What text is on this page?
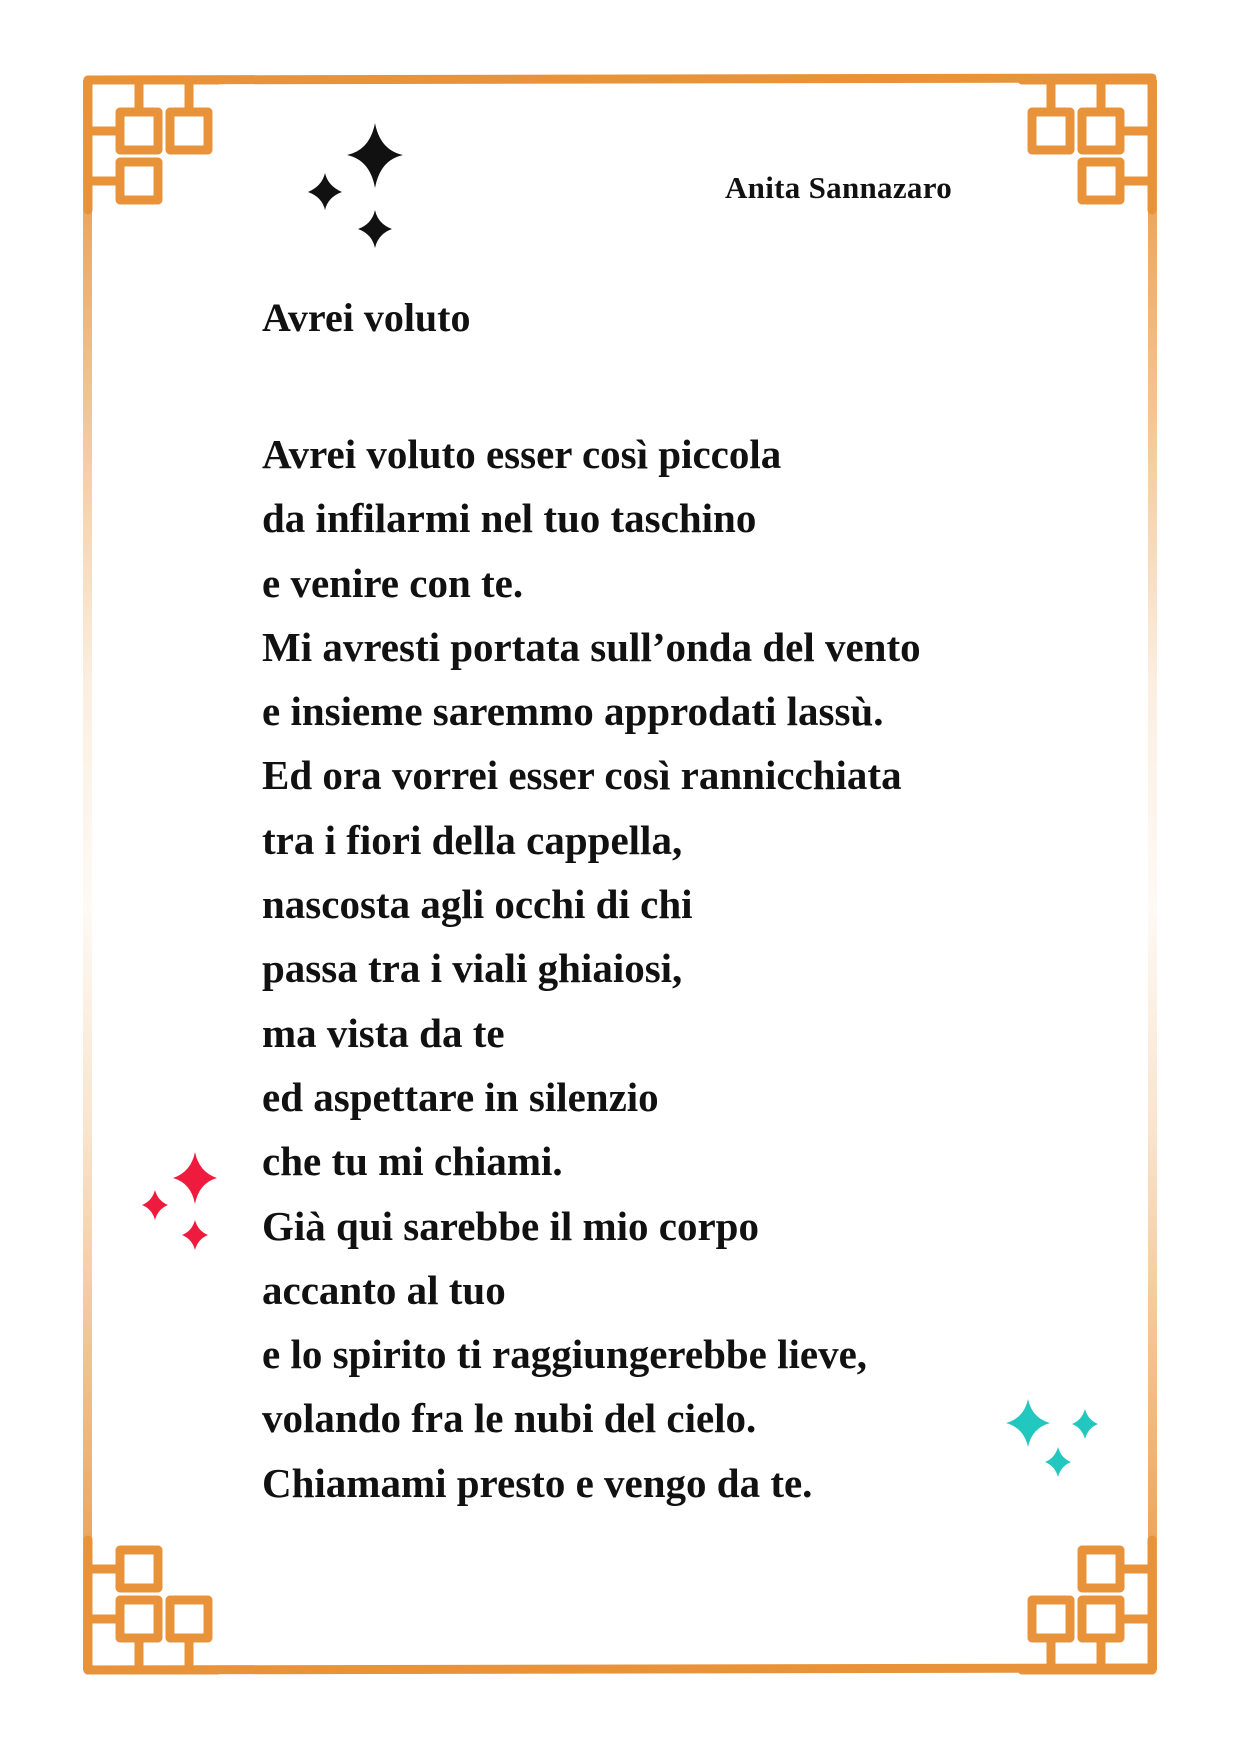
Anita Sannazaro
Avrei voluto
Avrei voluto esser così piccola
da infilarmi nel tuo taschino
e venire con te.
Mi avresti portata sull’onda del vento
e insieme saremmo approdati lassù.
Ed ora vorrei esser così rannicchiata
tra i fiori della cappella,
nascosta agli occhi di chi
passa tra i viali ghiaiosi,
ma vista da te
ed aspettare in silenzio
che tu mi chiami.
Già qui sarebbe il mio corpo
accanto al tuo
e lo spirito ti raggiungerebbe lieve,
volando fra le nubi del cielo.
Chiamami presto e vengo da te.
